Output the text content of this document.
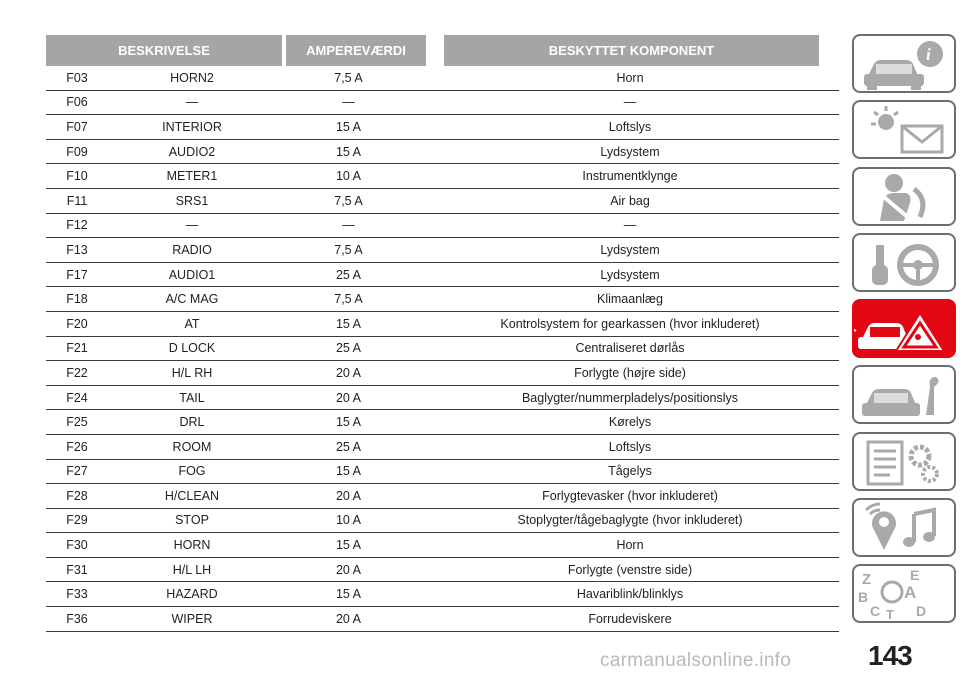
BESKRIVELSE	AMPEREVÆRDI	BESKYTTET KOMPONENT
F03	HORN2	7,5 A	Horn
F06	—	—	—
F07	INTERIOR	15 A	Loftslys
F09	AUDIO2	15 A	Lydsystem
F10	METER1	10 A	Instrumentklynge
F11	SRS1	7,5 A	Air bag
F12	—	—	—
F13	RADIO	7,5 A	Lydsystem
F17	AUDIO1	25 A	Lydsystem
F18	A/C MAG	7,5 A	Klimaanlæg
F20	AT	15 A	Kontrolsystem for gearkassen (hvor inkluderet)
F21	D LOCK	25 A	Centraliseret dørlås
F22	H/L RH	20 A	Forlygte (højre side)
F24	TAIL	20 A	Baglygter/nummerpladelys/positionslys
F25	DRL	15 A	Kørelys
F26	ROOM	25 A	Loftslys
F27	FOG	15 A	Tågelys
F28	H/CLEAN	20 A	Forlygtevasker (hvor inkluderet)
F29	STOP	10 A	Stoplygter/tågebaglygte (hvor inkluderet)
F30	HORN	15 A	Horn
F31	H/L LH	20 A	Forlygte (venstre side)
F33	HAZARD	15 A	Havariblink/blinklys
F36	WIPER	20 A	Forrudeviskere
i
Z	E
B A
C	D
T
143
carmanualsonline.info
